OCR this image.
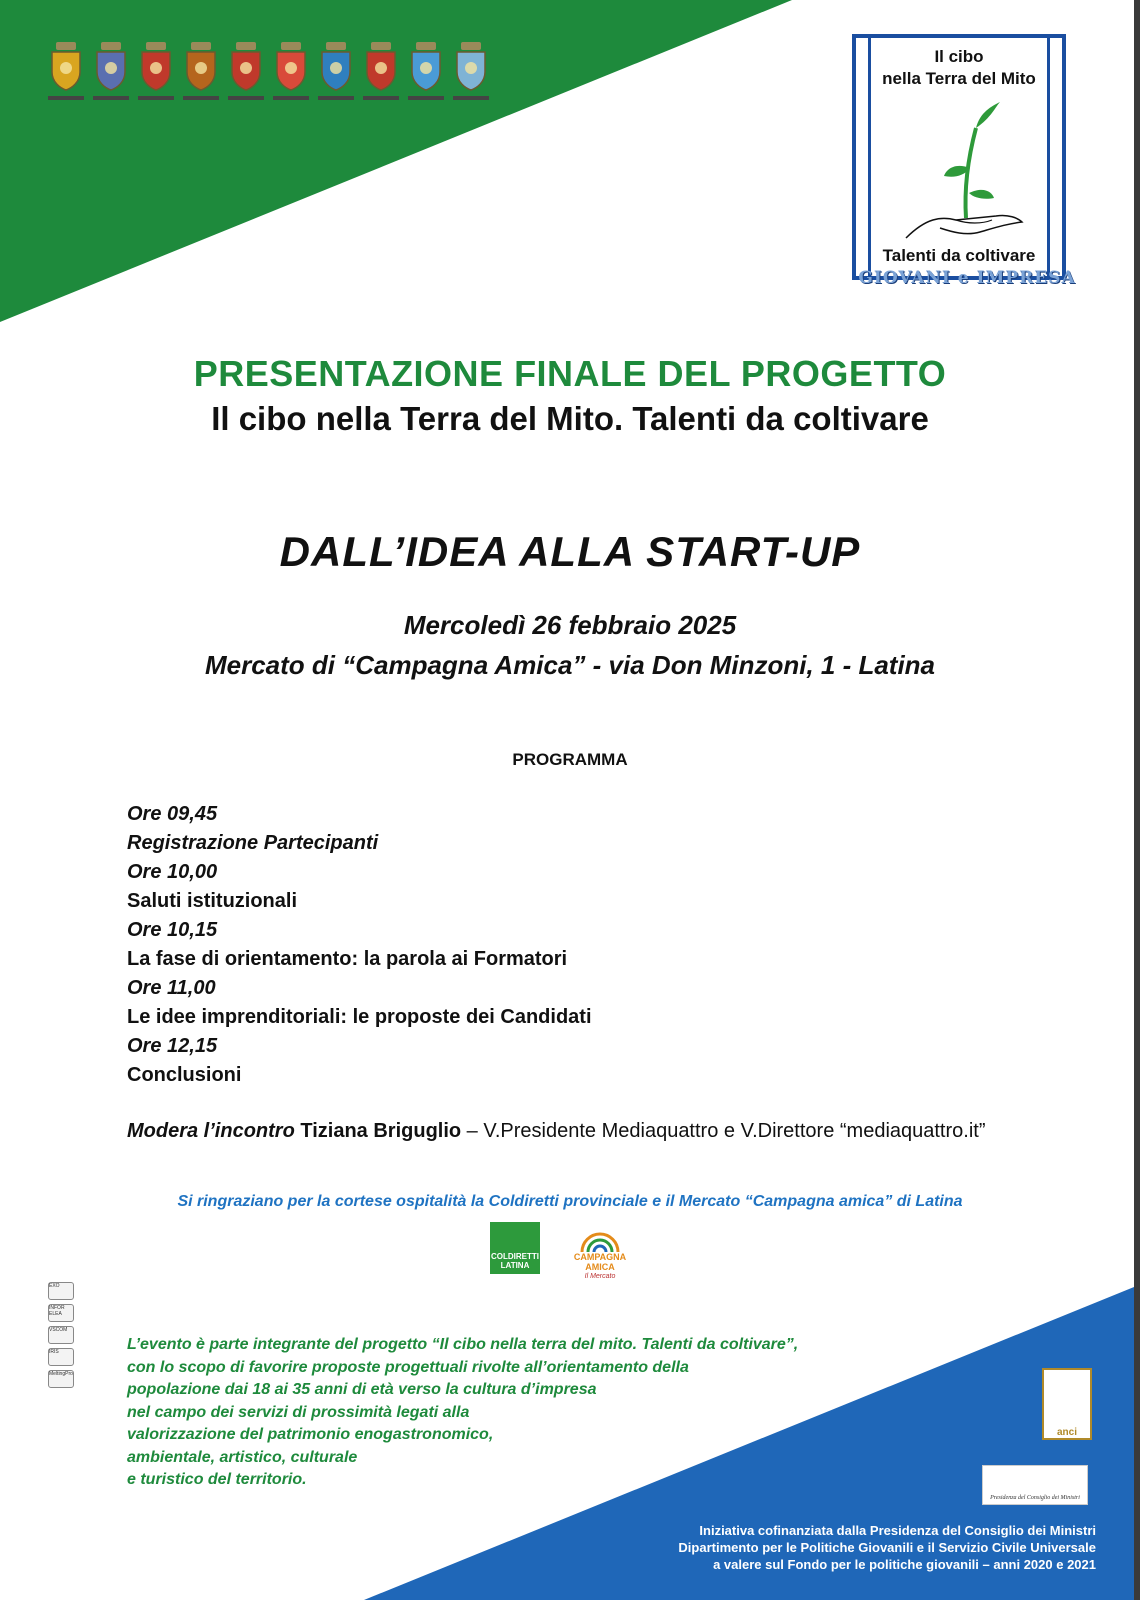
Il cibo
nella Terra del Mito
Talenti da coltivare
GIOVANI e IMPRESA
PRESENTAZIONE FINALE DEL PROGETTO
Il cibo nella Terra del Mito. Talenti da coltivare
DALL’IDEA ALLA START-UP
Mercoledì 26 febbraio 2025
Mercato di “Campagna Amica” - via Don Minzoni, 1 - Latina
PROGRAMMA
Ore 09,45
Registrazione Partecipanti
Ore 10,00
Saluti istituzionali
Ore 10,15
La fase di orientamento: la parola ai Formatori
Ore 11,00
Le idee imprenditoriali: le proposte dei Candidati
Ore 12,15
Conclusioni
Modera l’incontro Tiziana Briguglio – V.Presidente Mediaquattro e V.Direttore “mediaquattro.it”
Si ringraziano per la cortese ospitalità la Coldiretti provinciale e il Mercato “Campagna amica” di Latina
COLDIRETTI LATINA
CAMPAGNA
AMICA
Il Mercato
EXO
INFOR ELEA
VSCOM
IRIS
MeltingPro
L’evento è parte integrante del progetto “Il cibo nella terra del mito. Talenti da coltivare”,
con lo scopo di favorire proposte progettuali rivolte all’orientamento della
popolazione dai 18 ai 35 anni di età verso la cultura d’impresa
nel campo dei servizi di prossimità legati alla
valorizzazione del patrimonio enogastronomico,
ambientale, artistico, culturale
e turistico del territorio.
anci
Presidenza del Consiglio dei Ministri
Iniziativa cofinanziata dalla Presidenza del Consiglio dei Ministri
Dipartimento per le Politiche Giovanili e il Servizio Civile Universale
a valere sul Fondo per le politiche giovanili – anni 2020 e 2021
